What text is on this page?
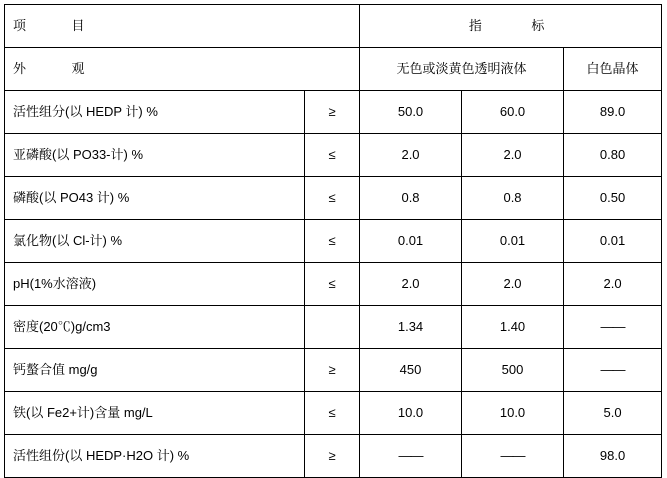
项　　目		指　　标		
外　　观		无色或淡黄色透明液体		白色晶体
活性组分(以 HEDP 计) %	≥	50.0	60.0	89.0
亚磷酸(以 PO33-计) %	≤	2.0	2.0	0.80
磷酸(以 PO43 计) %	≤	0.8	0.8	0.50
氯化物(以 Cl-计) %	≤	0.01	0.01	0.01
pH(1%水溶液)	≤	2.0	2.0	2.0
密度(20℃)g/cm3		1.34	1.40	——
钙螯合值 mg/g	≥	450	500	——
铁(以 Fe2+计)含量 mg/L	≤	10.0	10.0	5.0
活性组份(以 HEDP·H2O 计) %	≥	——	——	98.0
